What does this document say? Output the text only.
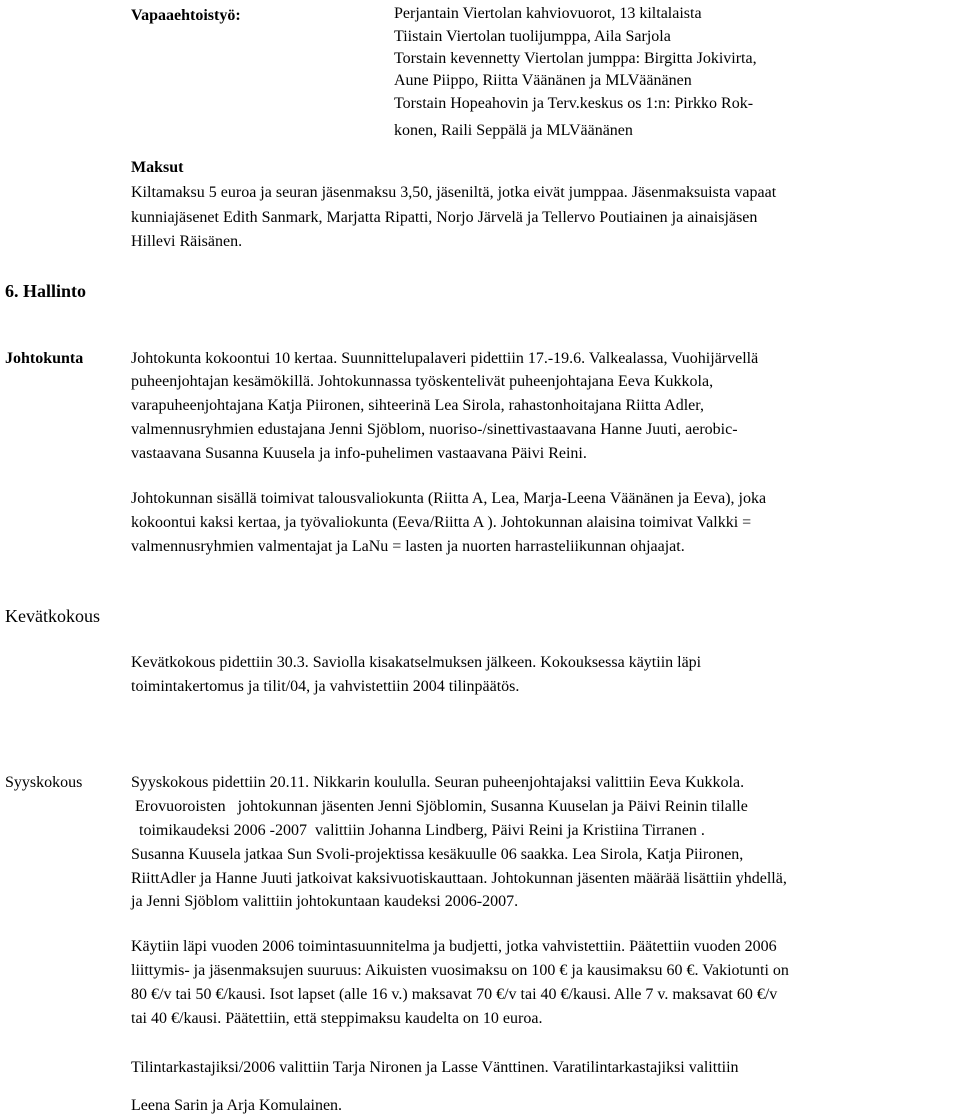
Vapaaehtoistyö:	Perjantain Viertolan kahviovuorot, 13 kiltalaista
Tiistain Viertolan tuolijumppa, Aila Sarjola
Torstain kevennetty Viertolan jumppa: Birgitta Jokivirta,
Aune Piippo, Riitta Väänänen ja MLVäänänen
Torstain Hopeahovin ja Terv.keskus os 1:n: Pirkko Rok-
konen, Raili Seppälä ja MLVäänänen
Maksut
Kiltamaksu 5 euroa ja seuran jäsenmaksu 3,50, jäseniltä, jotka eivät jumppaa. Jäsenmaksuista vapaat
kunniajäsenet Edith Sanmark, Marjatta Ripatti, Norjo Järvelä ja Tellervo Poutiainen ja ainaisjäsen
Hillevi Räisänen.
6. Hallinto
Johtokunta	Johtokunta kokoontui 10 kertaa. Suunnittelupalaveri pidettiin 17.-19.6. Valkealassa, Vuohijärvellä
puheenjohtajan kesämökillä. Johtokunnassa työskentelivät puheenjohtajana Eeva Kukkola,
varapuheenjohtajana Katja Piironen, sihteerinä Lea Sirola, rahastonhoitajana Riitta Adler,
valmennusryhmien edustajana Jenni Sjöblom, nuoriso-/sinettivastaavana Hanne Juuti, aerobic-
vastaavana Susanna Kuusela ja info-puhelimen vastaavana Päivi Reini.
Johtokunnan sisällä toimivat talousvaliokunta (Riitta A, Lea, Marja-Leena Väänänen ja Eeva), joka
kokoontui kaksi kertaa, ja työvaliokunta (Eeva/Riitta A ). Johtokunnan alaisina toimivat Valkki =
valmennusryhmien valmentajat ja LaNu = lasten ja nuorten harrasteliikunnan ohjaajat.
Kevätkokous
Kevätkokous pidettiin 30.3. Saviolla kisakatselmuksen jälkeen. Kokouksessa käytiin läpi
toimintakertomus ja tilit/04, ja vahvistettiin 2004 tilinpäätös.
Syyskokous	Syyskokous pidettiin 20.11. Nikkarin koululla. Seuran puheenjohtajaksi valittiin Eeva Kukkola.
Erovuoroisten   johtokunnan jäsenten Jenni Sjöblomin, Susanna Kuuselan ja Päivi Reinin tilalle
toimikaudeksi 2006 -2007  valittiin Johanna Lindberg, Päivi Reini ja Kristiina Tirranen .
Susanna Kuusela jatkaa Sun Svoli-projektissa kesäkuulle 06 saakka. Lea Sirola, Katja Piironen,
RiittAdler ja Hanne Juuti jatkoivat kaksivuotiskauttaan. Johtokunnan jäsenten määrää lisättiin yhdellä,
ja Jenni Sjöblom valittiin johtokuntaan kaudeksi 2006-2007.
Käytiin läpi vuoden 2006 toimintasuunnitelma ja budjetti, jotka vahvistettiin. Päätettiin vuoden 2006
liittymis- ja jäsenmaksujen suuruus: Aikuisten vuosimaksu on 100 € ja kausimaksu 60 €. Vakiotunti on
80 €/v tai 50 €/kausi. Isot lapset (alle 16 v.) maksavat 70 €/v tai 40 €/kausi. Alle 7 v. maksavat 60 €/v
tai 40 €/kausi. Päätettiin, että steppimaksu kaudelta on 10 euroa.
Tilintarkastajiksi/2006 valittiin Tarja Nironen ja Lasse Vänttinen. Varatilintarkastajiksi valittiin
Leena Sarin ja Arja Komulainen.
